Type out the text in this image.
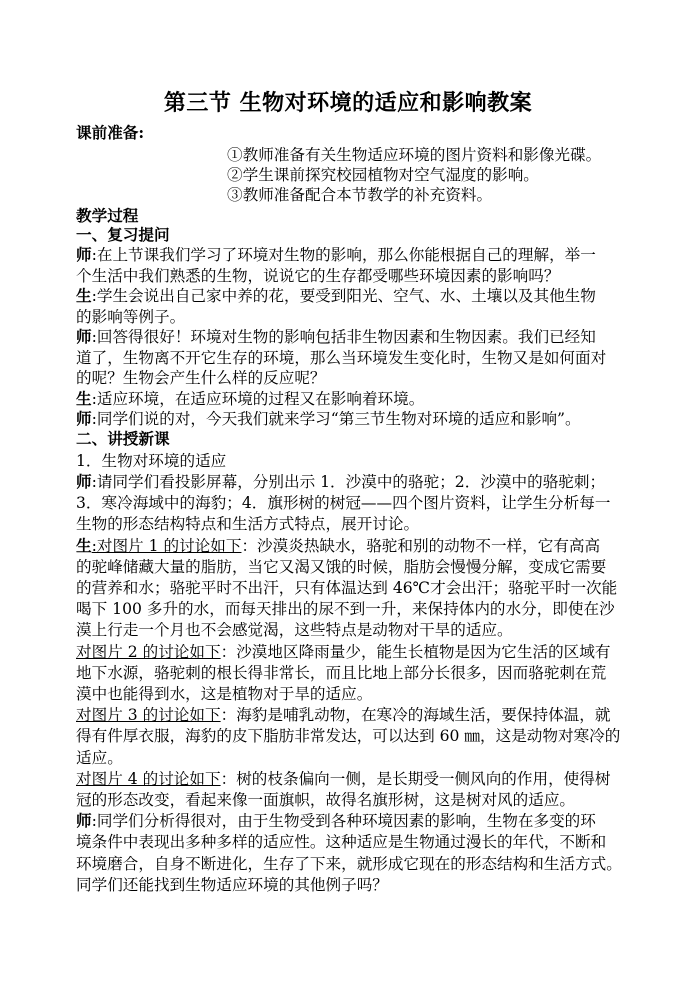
第三节 生物对环境的适应和影响教案
课前准备:
①教师准备有关生物适应环境的图片资料和影像光碟。
②学生课前探究校园植物对空气湿度的影响。
③教师准备配合本节教学的补充资料。
教学过程
一、复习提问
师:在上节课我们学习了环境对生物的影响，那么你能根据自己的理解，举一
个生活中我们熟悉的生物，说说它的生存都受哪些环境因素的影响吗？
生:学生会说出自己家中养的花，要受到阳光、空气、水、土壤以及其他生物
的影响等例子。
师:回答得很好！环境对生物的影响包括非生物因素和生物因素。我们已经知
道了，生物离不开它生存的环境，那么当环境发生变化时，生物又是如何面对
的呢？生物会产生什么样的反应呢？
生:适应环境，在适应环境的过程又在影响着环境。
师:同学们说的对，今天我们就来学习“第三节生物对环境的适应和影响”。
二、讲授新课
1．生物对环境的适应
师:请同学们看投影屏幕，分别出示 1．沙漠中的骆驼；2．沙漠中的骆驼刺；
3．寒冷海域中的海豹；4．旗形树的树冠——四个图片资料，让学生分析每一
生物的形态结构特点和生活方式特点，展开讨论。
生:对图片 1 的讨论如下：沙漠炎热缺水，骆驼和别的动物不一样，它有高高
的驼峰储藏大量的脂肪，当它又渴又饿的时候，脂肪会慢慢分解，变成它需要
的营养和水；骆驼平时不出汗，只有体温达到 46℃才会出汗；骆驼平时一次能
喝下 100 多升的水，而每天排出的尿不到一升，来保持体内的水分，即使在沙
漠上行走一个月也不会感觉渴，这些特点是动物对干旱的适应。
对图片 2 的讨论如下：沙漠地区降雨量少，能生长植物是因为它生活的区域有
地下水源，骆驼刺的根长得非常长，而且比地上部分长很多，因而骆驼刺在荒
漠中也能得到水，这是植物对于旱的适应。
对图片 3 的讨论如下：海豹是哺乳动物，在寒冷的海域生活，要保持体温，就
得有件厚衣服，海豹的皮下脂肪非常发达，可以达到 60 ㎜，这是动物对寒冷的
适应。
对图片 4 的讨论如下：树的枝条偏向一侧，是长期受一侧风向的作用，使得树
冠的形态改变，看起来像一面旗帜，故得名旗形树，这是树对风的适应。
师:同学们分析得很对，由于生物受到各种环境因素的影响，生物在多变的环
境条件中表现出多种多样的适应性。这种适应是生物通过漫长的年代，不断和
环境磨合，自身不断进化，生存了下来，就形成它现在的形态结构和生活方式。
同学们还能找到生物适应环境的其他例子吗？
